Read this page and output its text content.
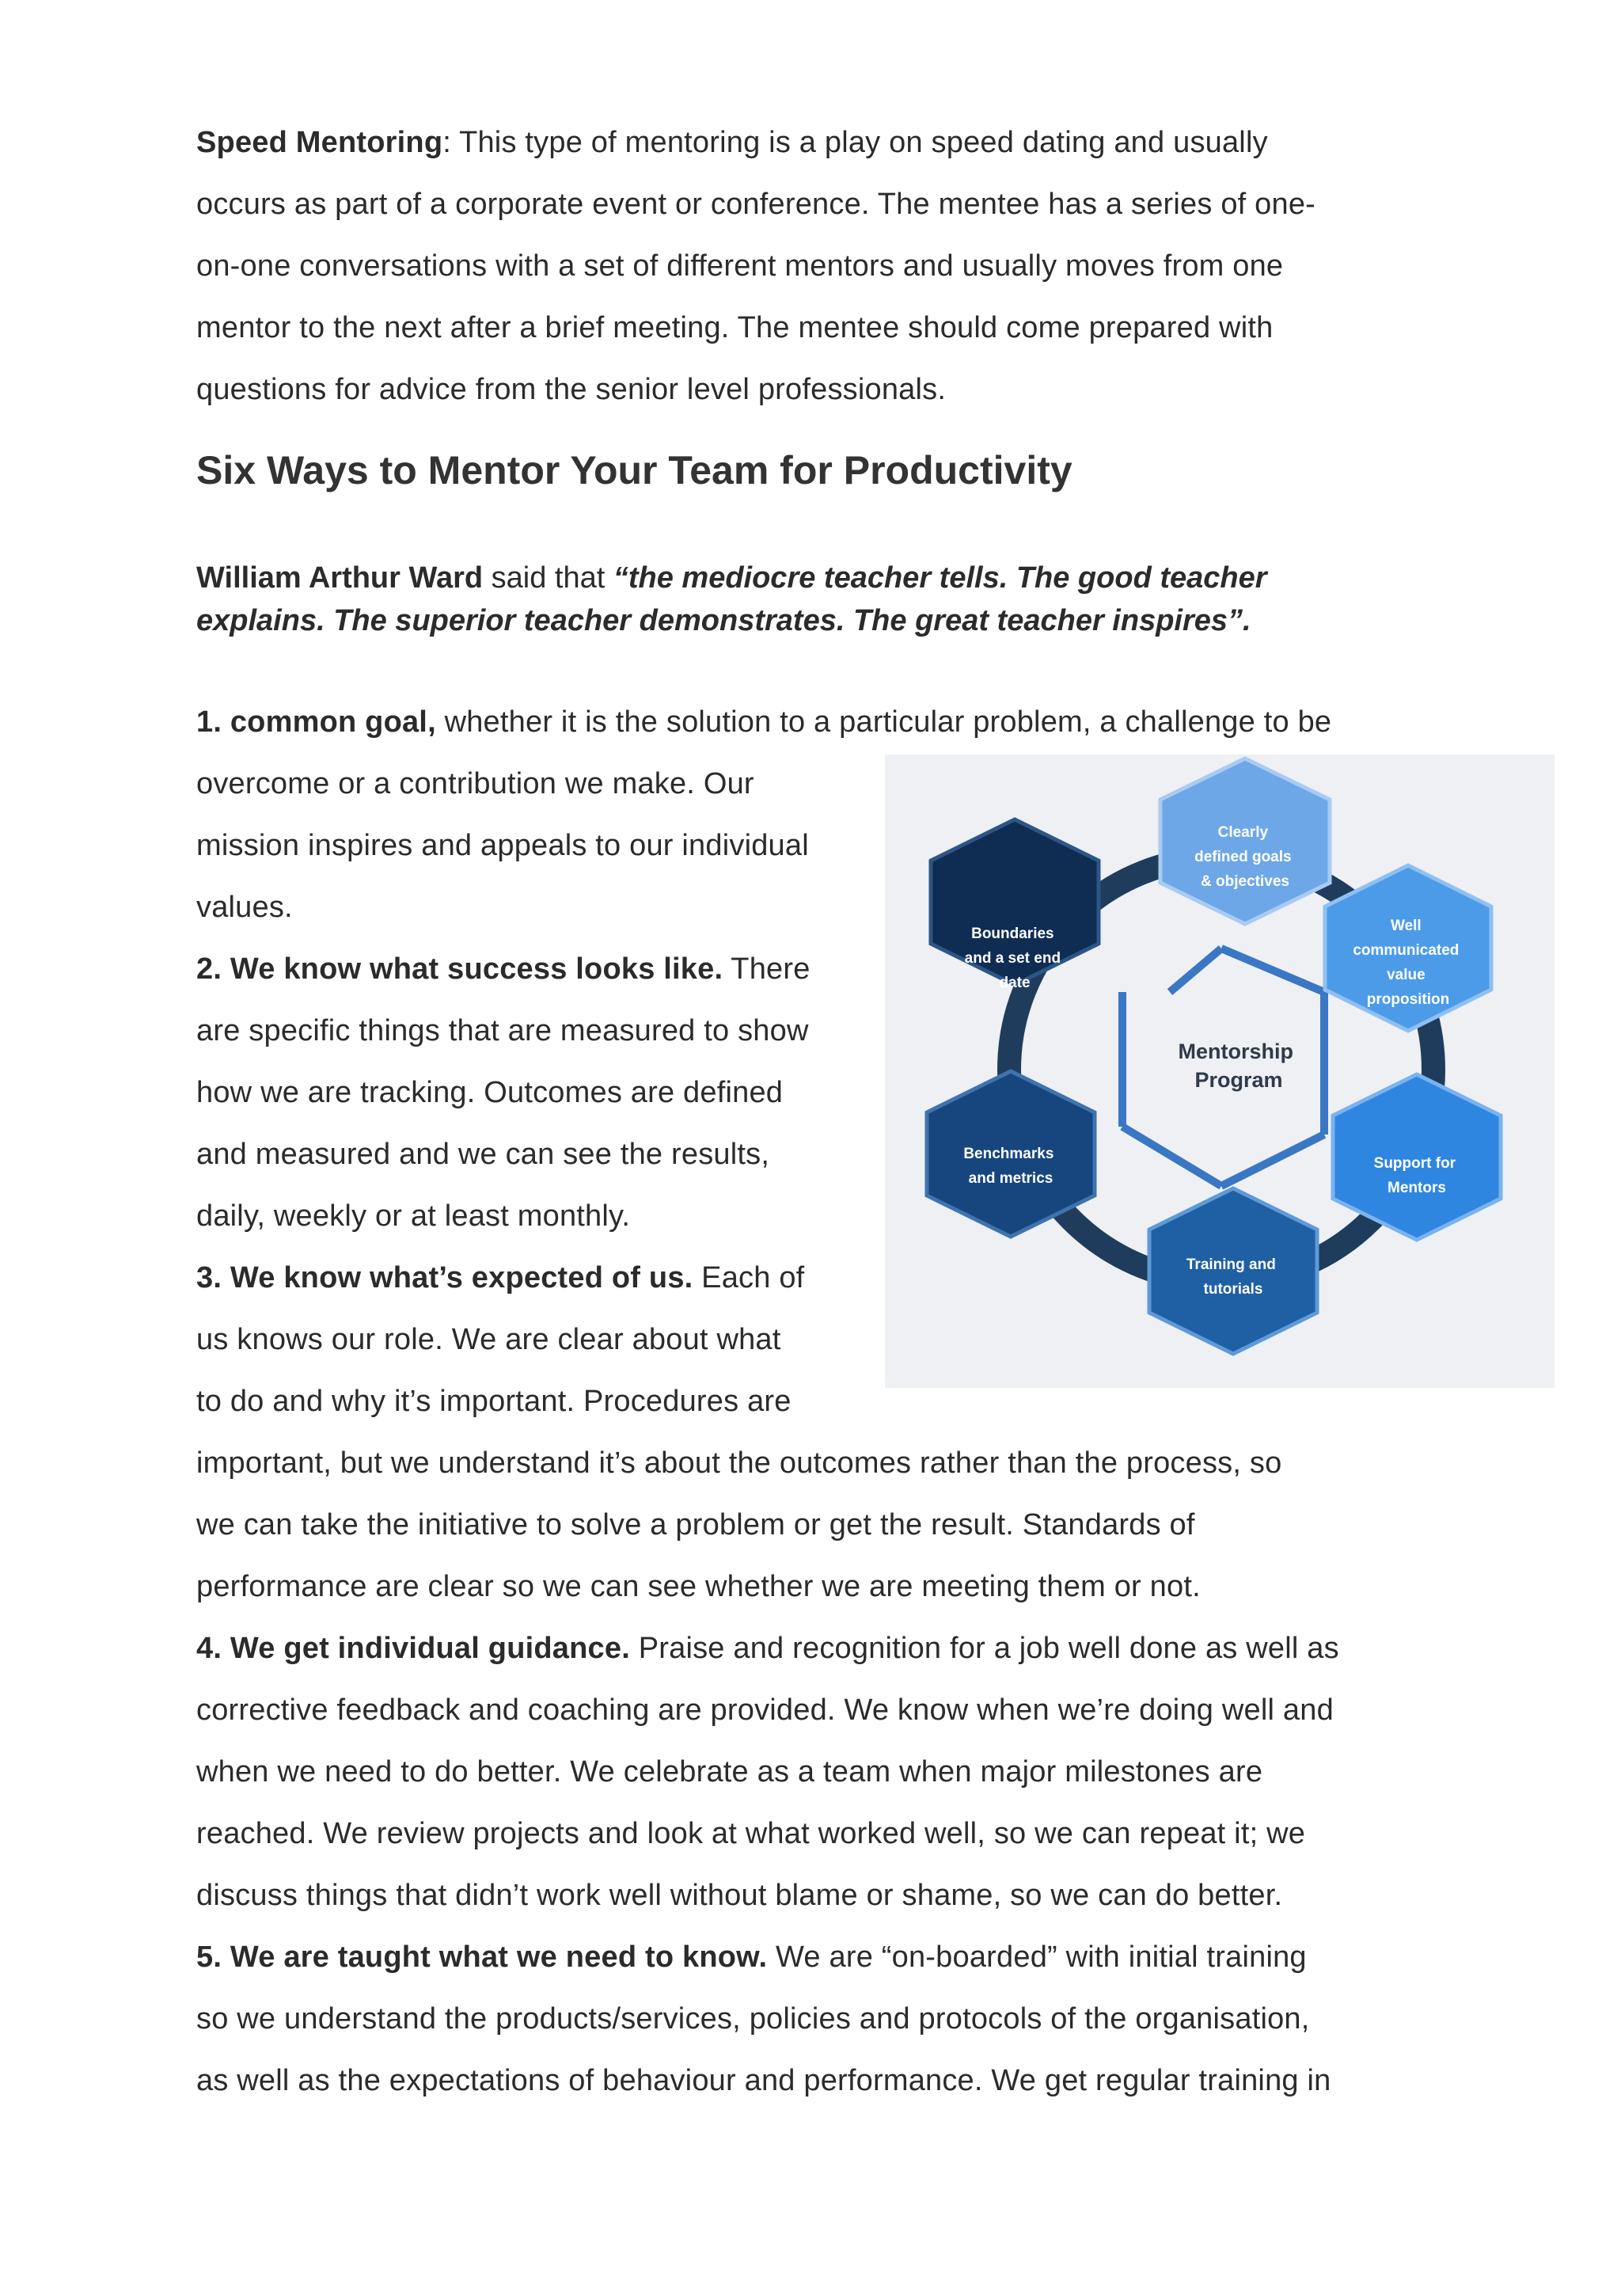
Speed Mentoring: This type of mentoring is a play on speed dating and usually
occurs as part of a corporate event or conference. The mentee has a series of one-
on-one conversations with a set of different mentors and usually moves from one
mentor to the next after a brief meeting. The mentee should come prepared with
questions for advice from the senior level professionals.
Six Ways to Mentor Your Team for Productivity
William Arthur Ward said that “the mediocre teacher tells. The good teacher
explains. The superior teacher demonstrates. The great teacher inspires”.
1. common goal, whether it is the solution to a particular problem, a challenge to be
overcome or a contribution we make. Our
mission inspires and appeals to our individual
values.
2. We know what success looks like. There
are specific things that are measured to show
how we are tracking. Outcomes are defined
and measured and we can see the results,
daily, weekly or at least monthly.
3. We know what’s expected of us. Each of
us knows our role. We are clear about what
to do and why it’s important. Procedures are
important, but we understand it’s about the outcomes rather than the process, so
we can take the initiative to solve a problem or get the result. Standards of
performance are clear so we can see whether we are meeting them or not.
4. We get individual guidance. Praise and recognition for a job well done as well as
corrective feedback and coaching are provided. We know when we’re doing well and
when we need to do better. We celebrate as a team when major milestones are
reached. We review projects and look at what worked well, so we can repeat it; we
discuss things that didn’t work well without blame or shame, so we can do better.
5. We are taught what we need to know. We are “on-boarded” with initial training
so we understand the products/services, policies and protocols of the organisation,
as well as the expectations of behaviour and performance. We get regular training in
Clearly defined goals & objectives
Well communicated value proposition
Support for Mentors
Training and tutorials
Benchmarks and metrics
Boundaries and a set end date
Mentorship Program
